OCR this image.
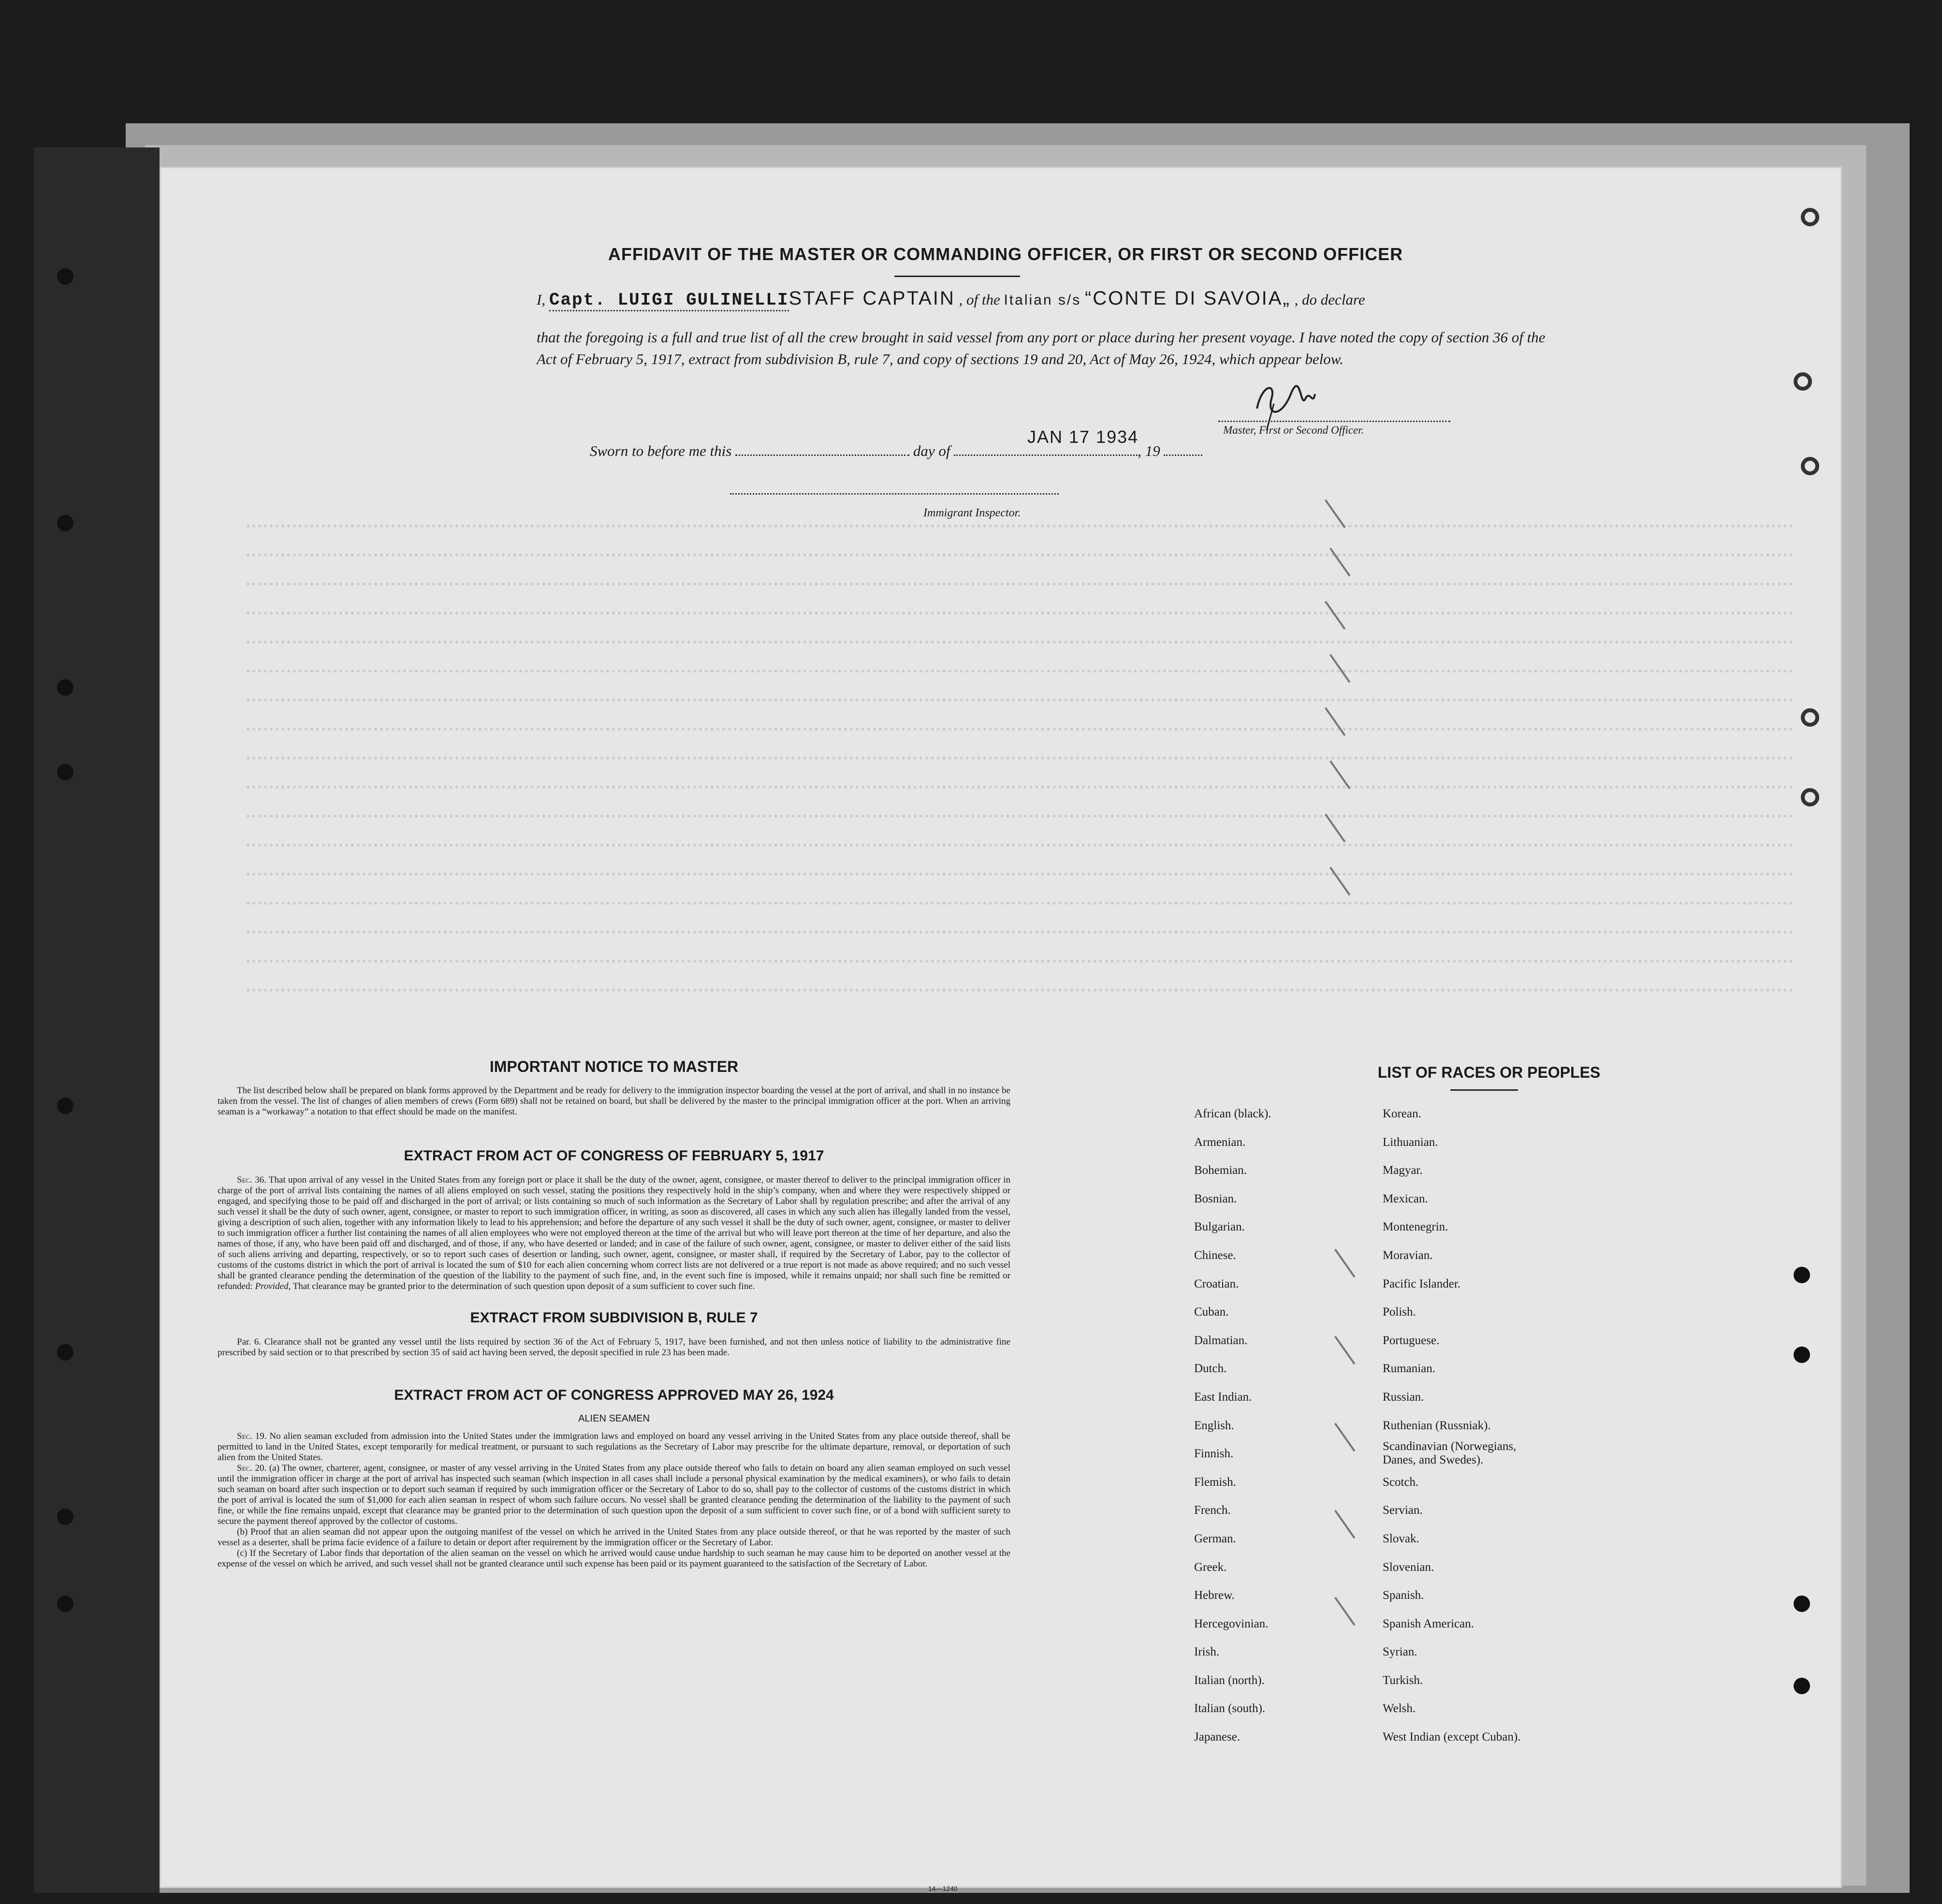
AFFIDAVIT OF THE MASTER OR COMMANDING OFFICER, OR FIRST OR SECOND OFFICER
I, Capt. LUIGI GULINELLISTAFF CAPTAIN , of the Italian s/s “CONTE DI SAVOIA„ , do declare
that the foregoing is a full and true list of all the crew brought in said vessel from any port or place during her present voyage. I have noted the copy of section 36 of the Act of February 5, 1917, extract from subdivision B, rule 7, and copy of sections 19 and 20, Act of May 26, 1924, which appear below.
Master, First or Second Officer.
Sworn to before me this	day of	, 19
JAN 17 1934
Immigrant Inspector.
IMPORTANT NOTICE TO MASTER
The list described below shall be prepared on blank forms approved by the Department and be ready for delivery to the immigration inspector boarding the vessel at the port of arrival, and shall in no instance be taken from the vessel. The list of changes of alien members of crews (Form 689) shall not be retained on board, but shall be delivered by the master to the principal immigration officer at the port. When an arriving seaman is a “workaway” a notation to that effect should be made on the manifest.
EXTRACT FROM ACT OF CONGRESS OF FEBRUARY 5, 1917
Sec. 36. That upon arrival of any vessel in the United States from any foreign port or place it shall be the duty of the owner, agent, consignee, or master thereof to deliver to the principal immigration officer in charge of the port of arrival lists containing the names of all aliens employed on such vessel, stating the positions they respectively hold in the ship’s company, when and where they were respectively shipped or engaged, and specifying those to be paid off and discharged in the port of arrival; or lists containing so much of such information as the Secretary of Labor shall by regulation prescribe; and after the arrival of any such vessel it shall be the duty of such owner, agent, consignee, or master to report to such immigration officer, in writing, as soon as discovered, all cases in which any such alien has illegally landed from the vessel, giving a description of such alien, together with any information likely to lead to his apprehension; and before the departure of any such vessel it shall be the duty of such owner, agent, consignee, or master to deliver to such immigration officer a further list containing the names of all alien employees who were not employed thereon at the time of the arrival but who will leave port thereon at the time of her departure, and also the names of those, if any, who have been paid off and discharged, and of those, if any, who have deserted or landed; and in case of the failure of such owner, agent, consignee, or master to deliver either of the said lists of such aliens arriving and departing, respectively, or so to report such cases of desertion or landing, such owner, agent, consignee, or master shall, if required by the Secretary of Labor, pay to the collector of customs of the customs district in which the port of arrival is located the sum of $10 for each alien concerning whom correct lists are not delivered or a true report is not made as above required; and no such vessel shall be granted clearance pending the determination of the question of the liability to the payment of such fine, and, in the event such fine is imposed, while it remains unpaid; nor shall such fine be remitted or refunded: Provided, That clearance may be granted prior to the determination of such question upon deposit of a sum sufficient to cover such fine.
EXTRACT FROM SUBDIVISION B, RULE 7
Par. 6. Clearance shall not be granted any vessel until the lists required by section 36 of the Act of February 5, 1917, have been furnished, and not then unless notice of liability to the administrative fine prescribed by said section or to that prescribed by section 35 of said act having been served, the deposit specified in rule 23 has been made.
EXTRACT FROM ACT OF CONGRESS APPROVED MAY 26, 1924
ALIEN SEAMEN
Sec. 19. No alien seaman excluded from admission into the United States under the immigration laws and employed on board any vessel arriving in the United States from any place outside thereof, shall be permitted to land in the United States, except temporarily for medical treatment, or pursuant to such regulations as the Secretary of Labor may prescribe for the ultimate departure, removal, or deportation of such alien from the United States.
Sec. 20. (a) The owner, charterer, agent, consignee, or master of any vessel arriving in the United States from any place outside thereof who fails to detain on board any alien seaman employed on such vessel until the immigration officer in charge at the port of arrival has inspected such seaman (which inspection in all cases shall include a personal physical examination by the medical examiners), or who fails to detain such seaman on board after such inspection or to deport such seaman if required by such immigration officer or the Secretary of Labor to do so, shall pay to the collector of customs of the customs district in which the port of arrival is located the sum of $1,000 for each alien seaman in respect of whom such failure occurs. No vessel shall be granted clearance pending the determination of the liability to the payment of such fine, or while the fine remains unpaid, except that clearance may be granted prior to the determination of such question upon the deposit of a sum sufficient to cover such fine, or of a bond with sufficient surety to secure the payment thereof approved by the collector of customs.
(b) Proof that an alien seaman did not appear upon the outgoing manifest of the vessel on which he arrived in the United States from any place outside thereof, or that he was reported by the master of such vessel as a deserter, shall be prima facie evidence of a failure to detain or deport after requirement by the immigration officer or the Secretary of Labor.
(c) If the Secretary of Labor finds that deportation of the alien seaman on the vessel on which he arrived would cause undue hardship to such seaman he may cause him to be deported on another vessel at the expense of the vessel on which he arrived, and such vessel shall not be granted clearance until such expense has been paid or its payment guaranteed to the satisfaction of the Secretary of Labor.
14—1240
LIST OF RACES OR PEOPLES
African (black).
Armenian.
Bohemian.
Bosnian.
Bulgarian.
Chinese.
Croatian.
Cuban.
Dalmatian.
Dutch.
East Indian.
English.
Finnish.
Flemish.
French.
German.
Greek.
Hebrew.
Hercegovinian.
Irish.
Italian (north).
Italian (south).
Japanese.
Korean.
Lithuanian.
Magyar.
Mexican.
Montenegrin.
Moravian.
Pacific Islander.
Polish.
Portuguese.
Rumanian.
Russian.
Ruthenian (Russniak).
Scandinavian (Norwegians, Danes, and Swedes).
Scotch.
Servian.
Slovak.
Slovenian.
Spanish.
Spanish American.
Syrian.
Turkish.
Welsh.
West Indian (except Cuban).
